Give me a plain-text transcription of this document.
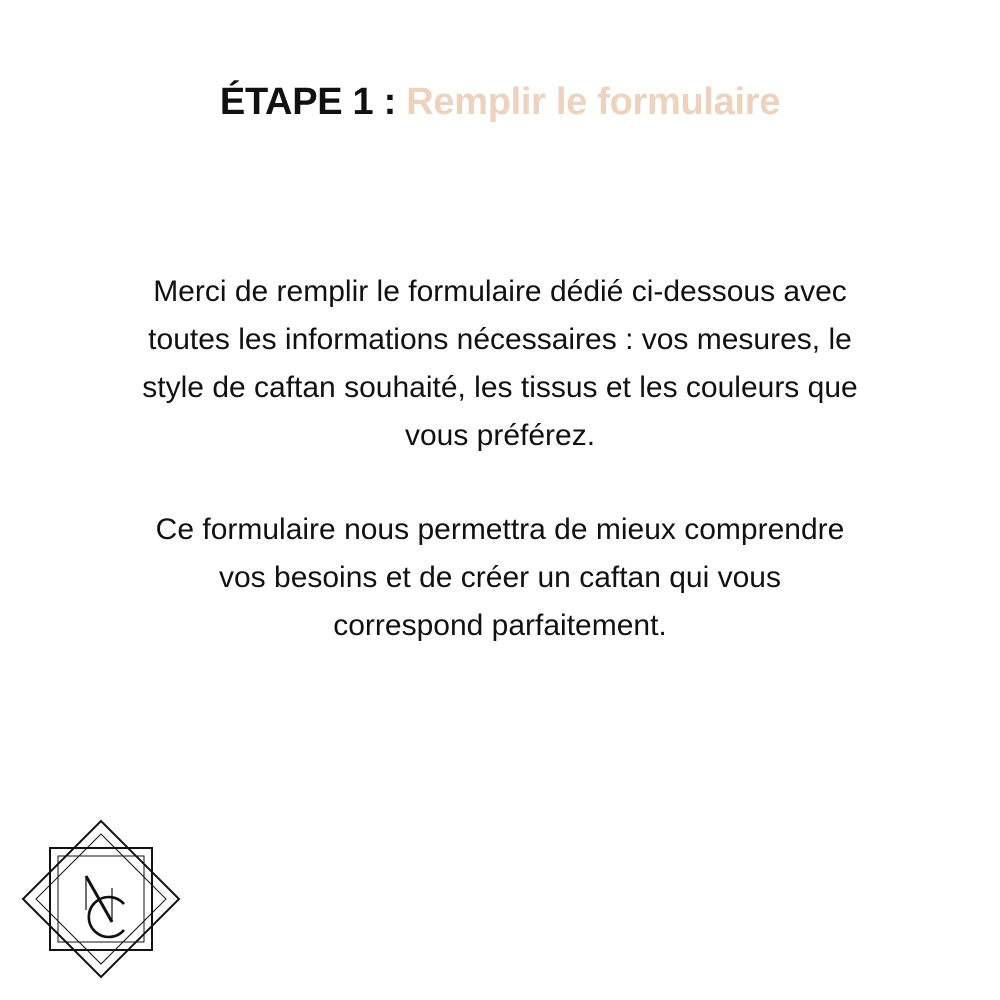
ÉTAPE 1 : Remplir le formulaire

Merci de remplir le formulaire dédié ci-dessous avec
toutes les informations nécessaires : vos mesures, le
style de caftan souhaité, les tissus et les couleurs que
vous préférez.

Ce formulaire nous permettra de mieux comprendre
vos besoins et de créer un caftan qui vous
correspond parfaitement.
